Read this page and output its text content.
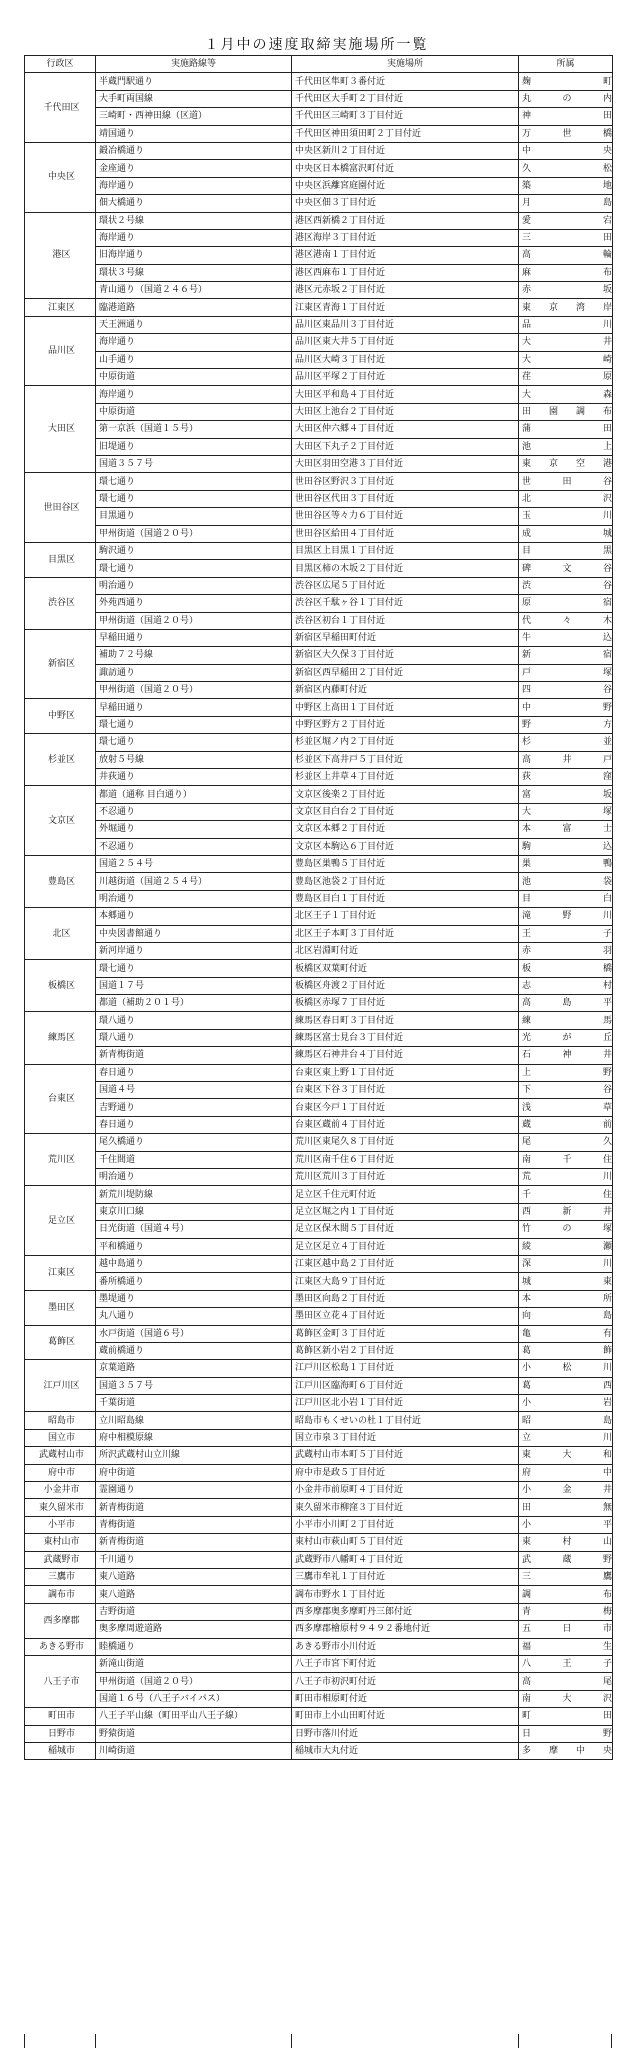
１月中の速度取締実施場所一覧
行政区	実施路線等	実施場所	所属
千代田区	半蔵門駅通り	千代田区隼町３番付近	麹町
	大手町両国線	千代田区大手町２丁目付近	丸の内
	三崎町・西神田線（区道）	千代田区三崎町３丁目付近	神田
	靖国通り	千代田区神田須田町２丁目付近	万世橋
中央区	鍛冶橋通り	中央区新川２丁目付近	中央
	金座通り	中央区日本橋富沢町付近	久松
	海岸通り	中央区浜離宮庭園付近	築地
	佃大橋通り	中央区佃３丁目付近	月島
港区	環状２号線	港区西新橋２丁目付近	愛宕
	海岸通り	港区海岸３丁目付近	三田
	旧海岸通り	港区港南１丁目付近	高輪
	環状３号線	港区西麻布１丁目付近	麻布
	青山通り（国道２４６号）	港区元赤坂２丁目付近	赤坂
江東区	臨港道路	江東区青海１丁目付近	東京湾岸
品川区	天王洲通り	品川区東品川３丁目付近	品川
	海岸通り	品川区東大井５丁目付近	大井
	山手通り	品川区大崎３丁目付近	大崎
	中原街道	品川区平塚２丁目付近	荏原
大田区	海岸通り	大田区平和島４丁目付近	大森
	中原街道	大田区上池台２丁目付近	田園調布
	第一京浜（国道１５号）	大田区仲六郷４丁目付近	蒲田
	旧堤通り	大田区下丸子２丁目付近	池上
	国道３５７号	大田区羽田空港３丁目付近	東京空港
世田谷区	環七通り	世田谷区野沢３丁目付近	世田谷
	環七通り	世田谷区代田３丁目付近	北沢
	目黒通り	世田谷区等々力６丁目付近	玉川
	甲州街道（国道２０号）	世田谷区給田４丁目付近	成城
目黒区	駒沢通り	目黒区上目黒１丁目付近	目黒
	環七通り	目黒区柿の木坂２丁目付近	碑文谷
渋谷区	明治通り	渋谷区広尾５丁目付近	渋谷
	外苑西通り	渋谷区千駄ヶ谷１丁目付近	原宿
	甲州街道（国道２０号）	渋谷区初台１丁目付近	代々木
新宿区	早稲田通り	新宿区早稲田町付近	牛込
	補助７２号線	新宿区大久保３丁目付近	新宿
	諏訪通り	新宿区西早稲田２丁目付近	戸塚
	甲州街道（国道２０号）	新宿区内藤町付近	四谷
中野区	早稲田通り	中野区上高田１丁目付近	中野
	環七通り	中野区野方２丁目付近	野方
杉並区	環七通り	杉並区堀ノ内２丁目付近	杉並
	放射５号線	杉並区下高井戸５丁目付近	高井戸
	井荻通り	杉並区上井草４丁目付近	荻窪
文京区	都道（通称 目白通り）	文京区後楽２丁目付近	富坂
	不忍通り	文京区目白台２丁目付近	大塚
	外堀通り	文京区本郷２丁目付近	本富士
	不忍通り	文京区本駒込６丁目付近	駒込
豊島区	国道２５４号	豊島区巣鴨５丁目付近	巣鴨
	川越街道（国道２５４号）	豊島区池袋２丁目付近	池袋
	明治通り	豊島区目白１丁目付近	目白
北区	本郷通り	北区王子１丁目付近	滝野川
	中央図書館通り	北区王子本町３丁目付近	王子
	新河岸通り	北区岩淵町付近	赤羽
板橋区	環七通り	板橋区双葉町付近	板橋
	国道１７号	板橋区舟渡２丁目付近	志村
	都道（補助２０１号）	板橋区赤塚７丁目付近	高島平
練馬区	環八通り	練馬区春日町３丁目付近	練馬
	環八通り	練馬区富士見台３丁目付近	光が丘
	新青梅街道	練馬区石神井台４丁目付近	石神井
台東区	春日通り	台東区東上野１丁目付近	上野
	国道４号	台東区下谷３丁目付近	下谷
	吉野通り	台東区今戸１丁目付近	浅草
	春日通り	台東区蔵前４丁目付近	蔵前
荒川区	尾久橋通り	荒川区東尾久８丁目付近	尾久
	千住間道	荒川区南千住６丁目付近	南千住
	明治通り	荒川区荒川３丁目付近	荒川
足立区	新荒川堤防線	足立区千住元町付近	千住
	東京川口線	足立区堀之内１丁目付近	西新井
	日光街道（国道４号）	足立区保木間５丁目付近	竹の塚
	平和橋通り	足立区足立４丁目付近	綾瀬
江東区	越中島通り	江東区越中島２丁目付近	深川
	番所橋通り	江東区大島９丁目付近	城東
墨田区	墨堤通り	墨田区向島２丁目付近	本所
	丸八通り	墨田区立花４丁目付近	向島
葛飾区	水戸街道（国道６号）	葛飾区金町３丁目付近	亀有
	蔵前橋通り	葛飾区新小岩２丁目付近	葛飾
江戸川区	京葉道路	江戸川区松島１丁目付近	小松川
	国道３５７号	江戸川区臨海町６丁目付近	葛西
	千葉街道	江戸川区北小岩１丁目付近	小岩
昭島市	立川昭島線	昭島市もくせいの杜１丁目付近	昭島
国立市	府中相模原線	国立市泉３丁目付近	立川
武蔵村山市	所沢武蔵村山立川線	武蔵村山市本町５丁目付近	東大和
府中市	府中街道	府中市是政５丁目付近	府中
小金井市	霊園通り	小金井市前原町４丁目付近	小金井
東久留米市	新青梅街道	東久留米市柳窪３丁目付近	田無
小平市	青梅街道	小平市小川町２丁目付近	小平
東村山市	新青梅街道	東村山市萩山町５丁目付近	東村山
武蔵野市	千川通り	武蔵野市八幡町４丁目付近	武蔵野
三鷹市	東八道路	三鷹市牟礼１丁目付近	三鷹
調布市	東八道路	調布市野水１丁目付近	調布
西多摩郡	吉野街道	西多摩郡奥多摩町丹三郎付近	青梅
	奥多摩周遊道路	西多摩郡檜原村９４９２番地付近	五日市
あきる野市	睦橋通り	あきる野市小川付近	福生
八王子市	新滝山街道	八王子市宮下町付近	八王子
	甲州街道（国道２０号）	八王子市初沢町付近	高尾
	国道１６号（八王子バイパス）	町田市相原町付近	南大沢
町田市	八王子平山線（町田平山八王子線）	町田市上小山田町付近	町田
日野市	野猿街道	日野市落川付近	日野
稲城市	川崎街道	稲城市大丸付近	多摩中央
